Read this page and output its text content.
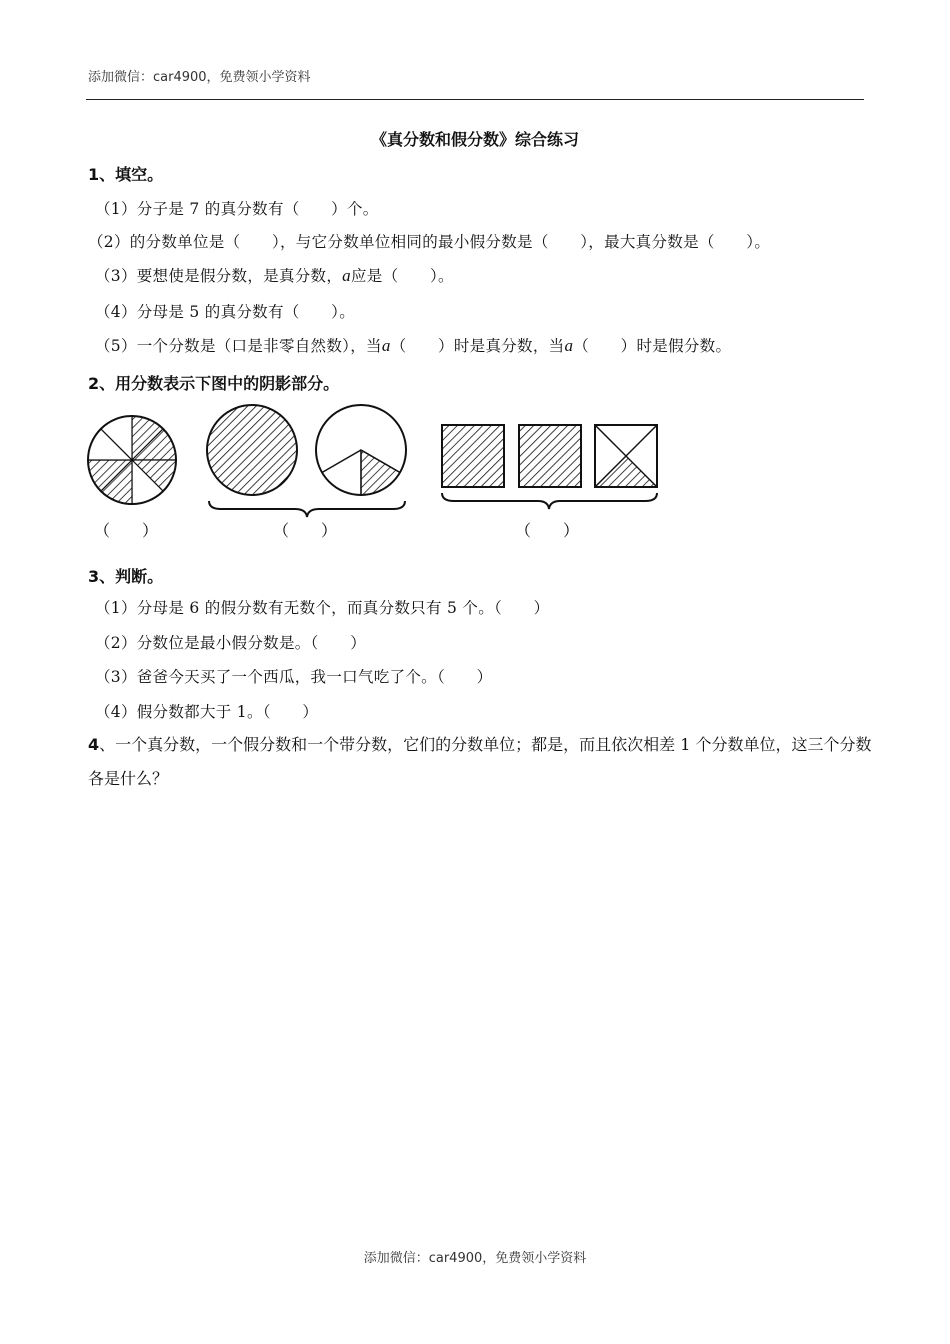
添加微信：car4900，免费领小学资料
《真分数和假分数》综合练习
1、填空。
（1）分子是 7 的真分数有（　　）个。
（2）的分数单位是（　　），与它分数单位相同的最小假分数是（　　），最大真分数是（　　）。
（3）要想使是假分数，是真分数，a应是（　　）。
（4）分母是 5 的真分数有（　　）。
（5）一个分数是（口是非零自然数），当a（　　）时是真分数，当a（　　）时是假分数。
2、用分数表示下图中的阴影部分。
（　　）	（　　）	（　　）
3、判断。
（1）分母是 6 的假分数有无数个，而真分数只有 5 个。（　　）
（2）分数位是最小假分数是。（　　）
（3）爸爸今天买了一个西瓜，我一口气吃了个。（　　）
（4）假分数都大于 1。（　　）
4、一个真分数，一个假分数和一个带分数，它们的分数单位；都是，而且依次相差 1 个分数单位，这三个分数各是什么？
添加微信：car4900，免费领小学资料
